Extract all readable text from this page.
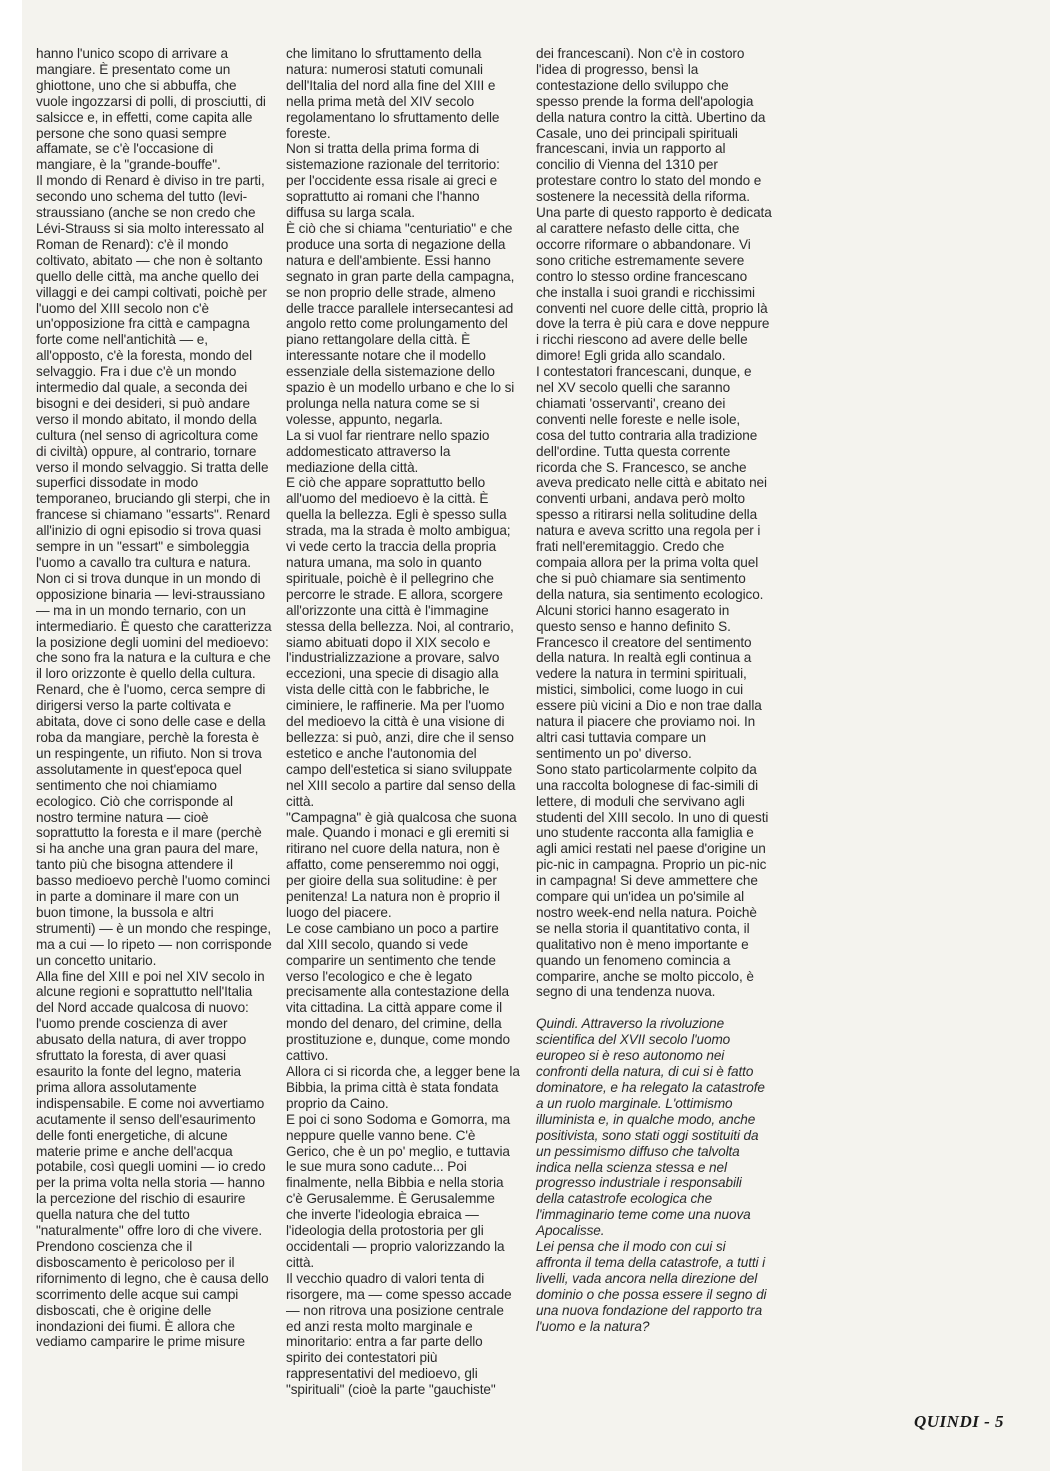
hanno l'unico scopo di arrivare a mangiare. È presentato come un ghiottone, uno che si abbuffa, che vuole ingozzarsi di polli, di prosciutti, di salsicce e, in effetti, come capita alle persone che sono quasi sempre affamate, se c'è l'occasione di mangiare, è la "grande-bouffe".

Il mondo di Renard è diviso in tre parti, secondo uno schema del tutto (levi-straussiano (anche se non credo che Lévi-Strauss si sia molto interessato al Roman de Renard): c'è il mondo coltivato, abitato — che non è soltanto quello delle città, ma anche quello dei villaggi e dei campi coltivati, poichè per l'uomo del XIII secolo non c'è un'opposizione fra città e campagna forte come nell'antichità — e, all'opposto, c'è la foresta, mondo del selvaggio. Fra i due c'è un mondo intermedio dal quale, a seconda dei bisogni e dei desideri, si può andare verso il mondo abitato, il mondo della cultura (nel senso di agricoltura come di civiltà) oppure, al contrario, tornare verso il mondo selvaggio. Si tratta delle superfici dissodate in modo temporaneo, bruciando gli sterpi, che in francese si chiamano "essarts". Renard all'inizio di ogni episodio si trova quasi sempre in un "essart" e simboleggia l'uomo a cavallo tra cultura e natura. Non ci si trova dunque in un mondo di opposizione binaria — levi-straussiano — ma in un mondo ternario, con un intermediario. È questo che caratterizza la posizione degli uomini del medioevo: che sono fra la natura e la cultura e che il loro orizzonte è quello della cultura.

Renard, che è l'uomo, cerca sempre di dirigersi verso la parte coltivata e abitata, dove ci sono delle case e della roba da mangiare, perchè la foresta è un respingente, un rifiuto. Non si trova assolutamente in quest'epoca quel sentimento che noi chiamiamo ecologico. Ciò che corrisponde al nostro termine natura — cioè soprattutto la foresta e il mare (perchè si ha anche una gran paura del mare, tanto più che bisogna attendere il basso medioevo perchè l'uomo cominci in parte a dominare il mare con un buon timone, la bussola e altri strumenti) — è un mondo che respinge, ma a cui — lo ripeto — non corrisponde un concetto unitario.

Alla fine del XIII e poi nel XIV secolo in alcune regioni e soprattutto nell'Italia del Nord accade qualcosa di nuovo: l'uomo prende coscienza di aver abusato della natura, di aver troppo sfruttato la foresta, di aver quasi esaurito la fonte del legno, materia prima allora assolutamente indispensabile. E come noi avvertiamo acutamente il senso dell'esaurimento delle fonti energetiche, di alcune materie prime e anche dell'acqua potabile, così quegli uomini — io credo per la prima volta nella storia — hanno la percezione del rischio di esaurire quella natura che del tutto "naturalmente" offre loro di che vivere. Prendono coscienza che il disboscamento è pericoloso per il rifornimento di legno, che è causa dello scorrimento delle acque sui campi disboscati, che è origine delle inondazioni dei fiumi. È allora che vediamo camparire le prime misure

che limitano lo sfruttamento della natura: numerosi statuti comunali dell'Italia del nord alla fine del XIII e nella prima metà del XIV secolo regolamentano lo sfruttamento delle foreste.

Non si tratta della prima forma di sistemazione razionale del territorio: per l'occidente essa risale ai greci e soprattutto ai romani che l'hanno diffusa su larga scala.

È ciò che si chiama "centuriatio" e che produce una sorta di negazione della natura e dell'ambiente. Essi hanno segnato in gran parte della campagna, se non proprio delle strade, almeno delle tracce parallele intersecantesi ad angolo retto come prolungamento del piano rettangolare della città. È interessante notare che il modello essenziale della sistemazione dello spazio è un modello urbano e che lo si prolunga nella natura come se si volesse, appunto, negarla.

La si vuol far rientrare nello spazio addomesticato attraverso la mediazione della città.

E ciò che appare soprattutto bello all'uomo del medioevo è la città. È quella la bellezza. Egli è spesso sulla strada, ma la strada è molto ambigua; vi vede certo la traccia della propria natura umana, ma solo in quanto spirituale, poichè è il pellegrino che percorre le strade. E allora, scorgere all'orizzonte una città è l'immagine stessa della bellezza. Noi, al contrario, siamo abituati dopo il XIX secolo e l'industrializzazione a provare, salvo eccezioni, una specie di disagio alla vista delle città con le fabbriche, le ciminiere, le raffinerie. Ma per l'uomo del medioevo la città è una visione di bellezza: si può, anzi, dire che il senso estetico e anche l'autonomia del campo dell'estetica si siano sviluppate nel XIII secolo a partire dal senso della città.

"Campagna" è già qualcosa che suona male. Quando i monaci e gli eremiti si ritirano nel cuore della natura, non è affatto, come penseremmo noi oggi, per gioire della sua solitudine: è per penitenza! La natura non è proprio il luogo del piacere.

Le cose cambiano un poco a partire dal XIII secolo, quando si vede comparire un sentimento che tende verso l'ecologico e che è legato precisamente alla contestazione della vita cittadina. La città appare come il mondo del denaro, del crimine, della prostituzione e, dunque, come mondo cattivo.

Allora ci si ricorda che, a legger bene la Bibbia, la prima città è stata fondata proprio da Caino.

E poi ci sono Sodoma e Gomorra, ma neppure quelle vanno bene. C'è Gerico, che è un po' meglio, e tuttavia le sue mura sono cadute... Poi finalmente, nella Bibbia e nella storia c'è Gerusalemme. È Gerusalemme che inverte l'ideologia ebraica — l'ideologia della protostoria per gli occidentali — proprio valorizzando la città.

Il vecchio quadro di valori tenta di risorgere, ma — come spesso accade — non ritrova una posizione centrale ed anzi resta molto marginale e minoritario: entra a far parte dello spirito dei contestatori più rappresentativi del medioevo, gli "spirituali" (cioè la parte "gauchiste"

dei francescani). Non c'è in costoro l'idea di progresso, bensì la contestazione dello sviluppo che spesso prende la forma dell'apologia della natura contro la città. Ubertino da Casale, uno dei principali spirituali francescani, invia un rapporto al concilio di Vienna del 1310 per protestare contro lo stato del mondo e sostenere la necessità della riforma. Una parte di questo rapporto è dedicata al carattere nefasto delle citta, che occorre riformare o abbandonare. Vi sono critiche estremamente severe contro lo stesso ordine francescano che installa i suoi grandi e ricchissimi conventi nel cuore delle città, proprio là dove la terra è più cara e dove neppure i ricchi riescono ad avere delle belle dimore! Egli grida allo scandalo.

I contestatori francescani, dunque, e nel XV secolo quelli che saranno chiamati 'osservanti', creano dei conventi nelle foreste e nelle isole, cosa del tutto contraria alla tradizione dell'ordine. Tutta questa corrente ricorda che S. Francesco, se anche aveva predicato nelle città e abitato nei conventi urbani, andava però molto spesso a ritirarsi nella solitudine della natura e aveva scritto una regola per i frati nell'eremitaggio. Credo che compaia allora per la prima volta quel che si può chiamare sia sentimento della natura, sia sentimento ecologico. Alcuni storici hanno esagerato in questo senso e hanno definito S. Francesco il creatore del sentimento della natura. In realtà egli continua a vedere la natura in termini spirituali, mistici, simbolici, come luogo in cui essere più vicini a Dio e non trae dalla natura il piacere che proviamo noi. In altri casi tuttavia compare un sentimento un po' diverso.

Sono stato particolarmente colpito da una raccolta bolognese di fac-simili di lettere, di moduli che servivano agli studenti del XIII secolo. In uno di questi uno studente racconta alla famiglia e agli amici restati nel paese d'origine un pic-nic in campagna. Proprio un pic-nic in campagna! Si deve ammettere che compare qui un'idea un po'simile al nostro week-end nella natura. Poichè se nella storia il quantitativo conta, il qualitativo non è meno importante e quando un fenomeno comincia a comparire, anche se molto piccolo, è segno di una tendenza nuova.

Quindi. Attraverso la rivoluzione scientifica del XVII secolo l'uomo europeo si è reso autonomo nei confronti della natura, di cui si è fatto dominatore, e ha relegato la catastrofe a un ruolo marginale. L'ottimismo illuminista e, in qualche modo, anche positivista, sono stati oggi sostituiti da un pessimismo diffuso che talvolta indica nella scienza stessa e nel progresso industriale i responsabili della catastrofe ecologica che l'immaginario teme come una nuova Apocalisse.

Lei pensa che il modo con cui si affronta il tema della catastrofe, a tutti i livelli, vada ancora nella direzione del dominio o che possa essere il segno di una nuova fondazione del rapporto tra l'uomo e la natura?

QUINDI - 5
